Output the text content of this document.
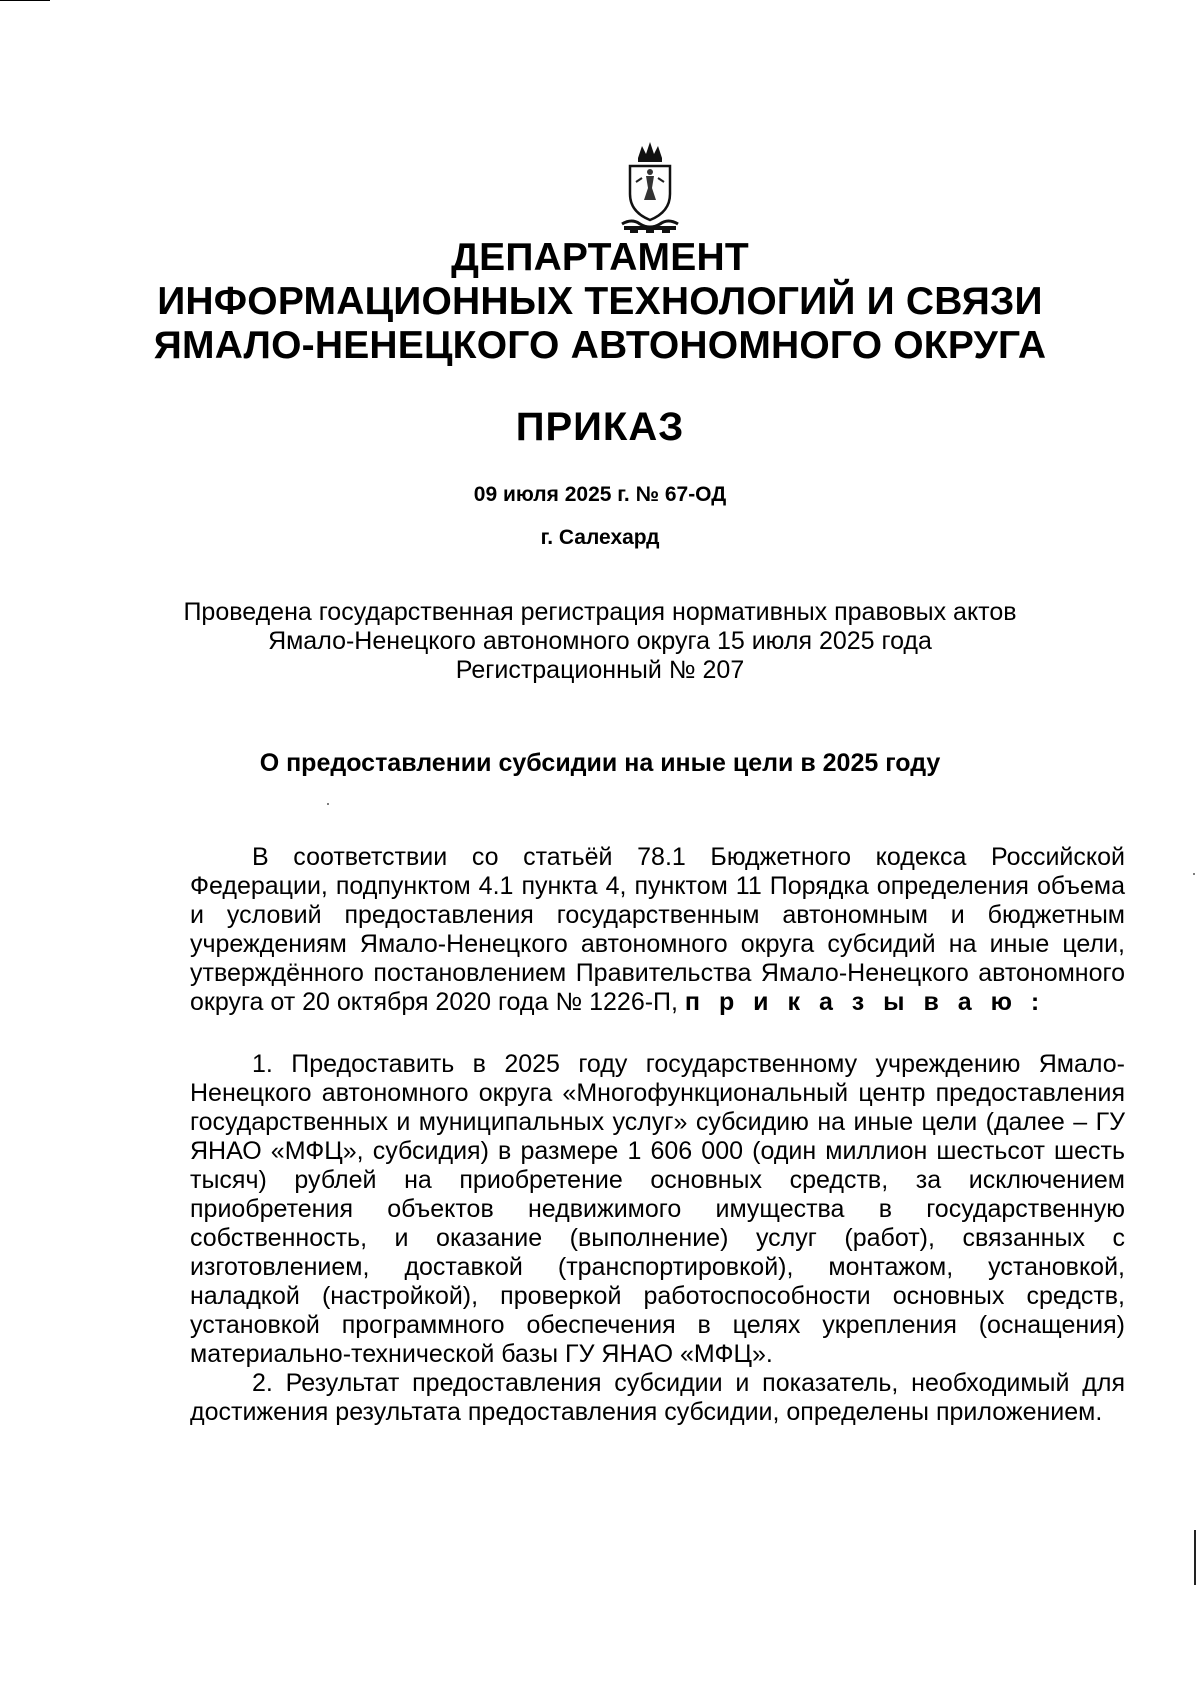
ДЕПАРТАМЕНТ
ИНФОРМАЦИОННЫХ ТЕХНОЛОГИЙ И СВЯЗИ
ЯМАЛО-НЕНЕЦКОГО АВТОНОМНОГО ОКРУГА
ПРИКАЗ
09 июля 2025 г. № 67-ОД
г. Салехард
Проведена государственная регистрация нормативных правовых актов
Ямало-Ненецкого автономного округа 15 июля 2025 года
Регистрационный № 207
О предоставлении субсидии на иные цели в 2025 году

В соответствии со статьёй 78.1 Бюджетного кодекса Российской Федерации, подпунктом 4.1 пункта 4, пунктом 11 Порядка определения объема и условий предоставления государственным автономным и бюджетным учреждениям Ямало-Ненецкого автономного округа субсидий на иные цели, утверждённого постановлением Правительства Ямало-Ненецкого автономного округа от 20 октября 2020 года № 1226-П, п р и к а з ы в а ю :

1. Предоставить в 2025 году государственному учреждению Ямало-Ненецкого автономного округа «Многофункциональный центр предоставления государственных и муниципальных услуг» субсидию на иные цели (далее – ГУ ЯНАО «МФЦ», субсидия) в размере 1 606 000 (один миллион шестьсот шесть тысяч) рублей на приобретение основных средств, за исключением приобретения объектов недвижимого имущества в государственную собственность, и оказание (выполнение) услуг (работ), связанных с изготовлением, доставкой (транспортировкой), монтажом, установкой, наладкой (настройкой), проверкой работоспособности основных средств, установкой программного обеспечения в целях укрепления (оснащения) материально-технической базы ГУ ЯНАО «МФЦ».

2. Результат предоставления субсидии и показатель, необходимый для достижения результата предоставления субсидии, определены приложением.
